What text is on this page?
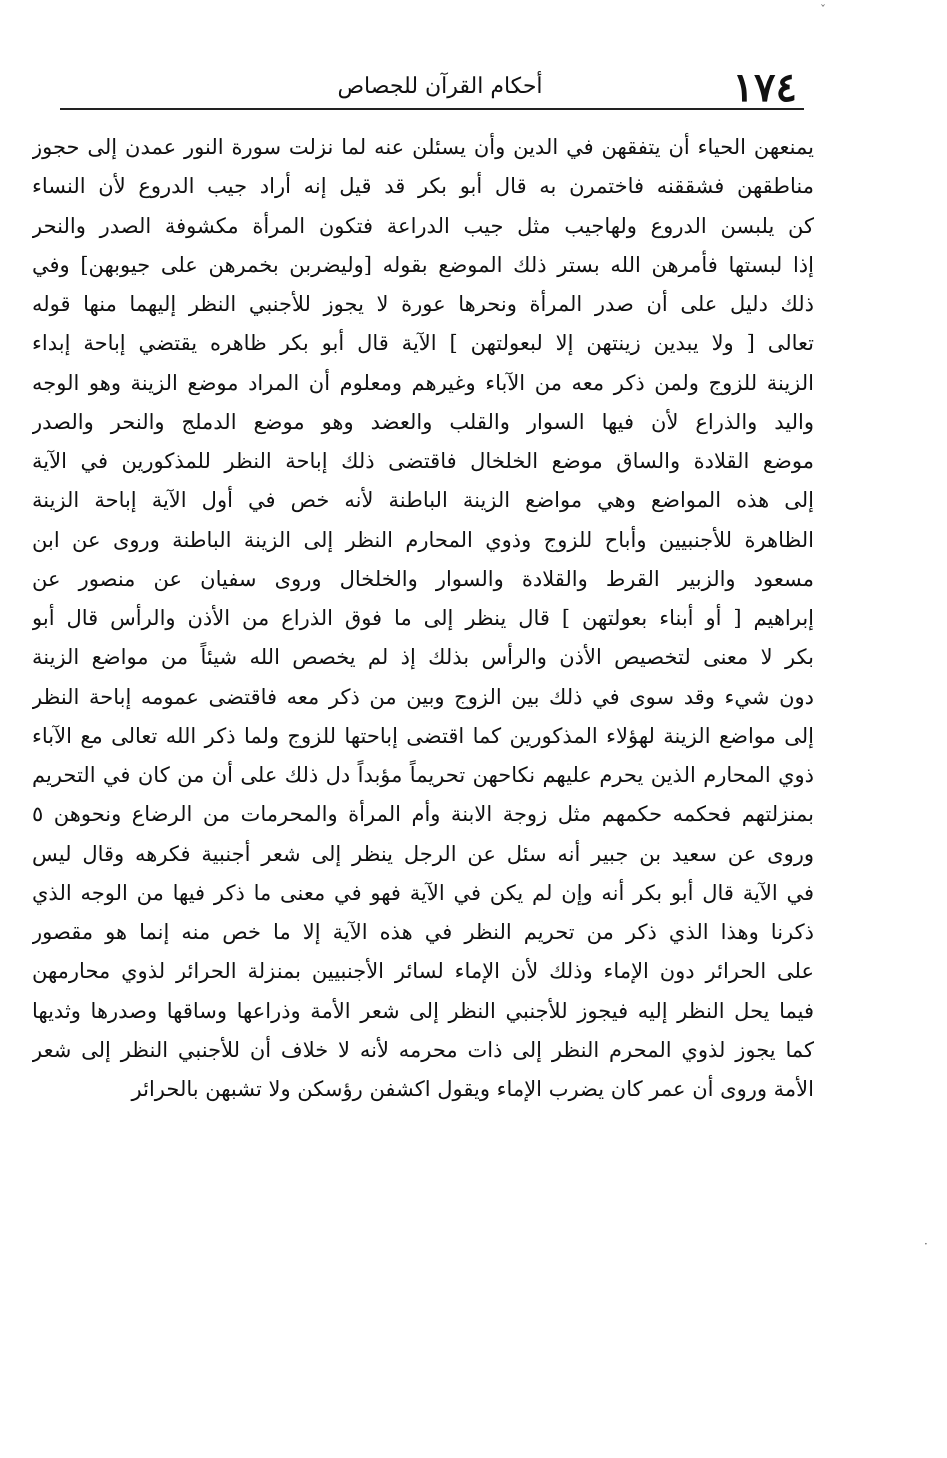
ˇ
١٧٤
أحكام القرآن للجصاص
يمنعهن الحياء أن يتفقهن في الدين وأن يسئلن عنه لما نزلت سورة النور عمدن إلى حجوز
مناطقهن فشققنه فاختمرن به قال أبو بكر قد قيل إنه أراد جيب الدروع لأن النساء
كن يلبسن الدروع ولهاجيب مثل جيب الدراعة فتكون المرأة مكشوفة الصدر والنحر
إذا لبستها فأمرهن الله بستر ذلك الموضع بقوله [وليضربن بخمرهن على جيوبهن] وفي
ذلك دليل على أن صدر المرأة ونحرها عورة لا يجوز للأجنبي النظر إليهما منها قوله
تعالى [ ولا يبدين زينتهن إلا لبعولتهن ] الآية قال أبو بكر ظاهره يقتضي إباحة إبداء
الزينة للزوج ولمن ذكر معه من الآباء وغيرهم ومعلوم أن المراد موضع الزينة وهو الوجه
واليد والذراع لأن فيها السوار والقلب والعضد وهو موضع الدملج والنحر والصدر
موضع القلادة والساق موضع الخلخال فاقتضى ذلك إباحة النظر للمذكورين في الآية
إلى هذه المواضع وهي مواضع الزينة الباطنة لأنه خص في أول الآية إباحة الزينة
الظاهرة للأجنبيين وأباح للزوج وذوي المحارم النظر إلى الزينة الباطنة وروى عن ابن
مسعود والزبير القرط والقلادة والسوار والخلخال وروى سفيان عن منصور عن
إبراهيم [ أو أبناء بعولتهن ] قال ينظر إلى ما فوق الذراع من الأذن والرأس قال أبو
بكر لا معنى لتخصيص الأذن والرأس بذلك إذ لم يخصص الله شيئاً من مواضع الزينة
دون شيء وقد سوى في ذلك بين الزوج وبين من ذكر معه فاقتضى عمومه إباحة النظر
إلى مواضع الزينة لهؤلاء المذكورين كما اقتضى إباحتها للزوج ولما ذكر الله تعالى مع الآباء
ذوي المحارم الذين يحرم عليهم نكاحهن تحريماً مؤبداً دل ذلك على أن من كان في التحريم
بمنزلتهم فحكمه حكمهم مثل زوجة الابنة وأم المرأة والمحرمات من الرضاع ونحوهن ٥
وروى عن سعيد بن جبير أنه سئل عن الرجل ينظر إلى شعر أجنبية فكرهه وقال ليس
في الآية قال أبو بكر أنه وإن لم يكن في الآية فهو في معنى ما ذكر فيها من الوجه الذي
ذكرنا وهذا الذي ذكر من تحريم النظر في هذه الآية إلا ما خص منه إنما هو مقصور
على الحرائر دون الإماء وذلك لأن الإماء لسائر الأجنبيين بمنزلة الحرائر لذوي محارمهن
فيما يحل النظر إليه فيجوز للأجنبي النظر إلى شعر الأمة وذراعها وساقها وصدرها وثديها
كما يجوز لذوي المحرم النظر إلى ذات محرمه لأنه لا خلاف أن للأجنبي النظر إلى شعر
الأمة وروى أن عمر كان يضرب الإماء ويقول اكشفن رؤسكن ولا تشبهن بالحرائر
·
